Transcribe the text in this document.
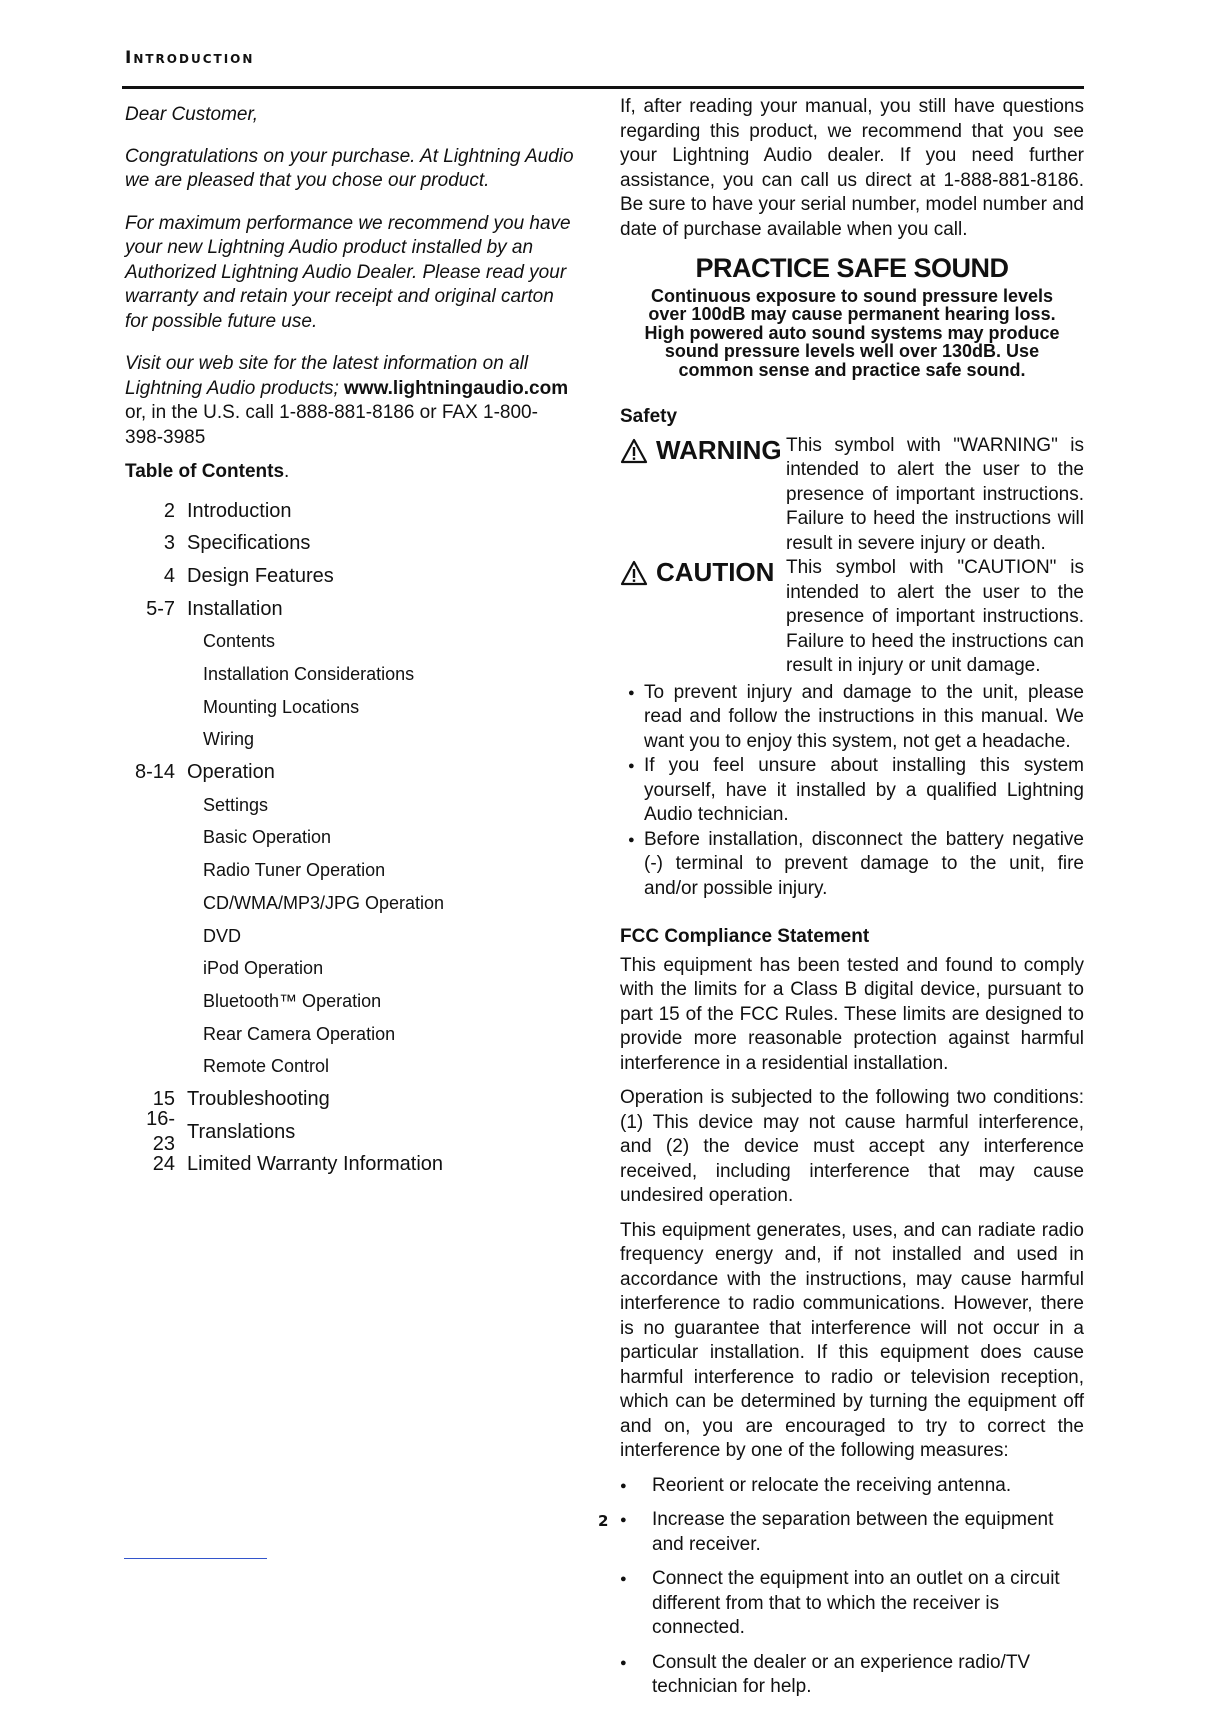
Introduction

Dear Customer,

Congratulations on your purchase. At Lightning Audio we are pleased that you chose our product.

For maximum performance we recommend you have your new Lightning Audio product installed by an Authorized Lightning Audio Dealer. Please read your warranty and retain your receipt and original carton for possible future use.

Visit our web site for the latest information on all Lightning Audio products; www.lightningaudio.com or, in the U.S. call 1-888-881-8186 or FAX 1-800-398-3985

Table of Contents.

2 Introduction
3 Specifications
4 Design Features
5-7 Installation
Contents
Installation Considerations
Mounting Locations
Wiring
8-14 Operation
Settings
Basic Operation
Radio Tuner Operation
CD/WMA/MP3/JPG Operation
DVD
iPod Operation
Bluetooth™ Operation
Rear Camera Operation
Remote Control
15 Troubleshooting
16-23
Translations
24 Limited Warranty Information

If, after reading your manual, you still have questions regarding this product, we recommend that you see your Lightning Audio dealer. If you need further assistance, you can call us direct at 1-888-881-8186. Be sure to have your serial number, model number and date of purchase available when you call.

PRACTICE SAFE SOUND
Continuous exposure to sound pressure levels over 100dB may cause permanent hearing loss. High powered auto sound systems may produce sound pressure levels well over 130dB. Use common sense and practice safe sound.
Safety
WARNING This symbol with "WARNING" is intended to alert the user to the presence of important instructions. Failure to heed the instructions will result in severe injury or death.
CAUTION This symbol with "CAUTION" is intended to alert the user to the presence of important instructions. Failure to heed the instructions can result in injury or unit damage.
● To prevent injury and damage to the unit, please read and follow the instructions in this manual. We want you to enjoy this system, not get a headache.
● If you feel unsure about installing this system yourself, have it installed by a qualified Lightning Audio technician.
● Before installation, disconnect the battery negative (-) terminal to prevent damage to the unit, fire and/or possible injury.
FCC Compliance Statement

This equipment has been tested and found to comply with the limits for a Class B digital device, pursuant to part 15 of the FCC Rules. These limits are designed to provide more reasonable protection against harmful interference in a residential installation.

Operation is subjected to the following two conditions: (1) This device may not cause harmful interference, and (2) the device must accept any interference received, including interference that may cause undesired operation.

This equipment generates, uses, and can radiate radio frequency energy and, if not installed and used in accordance with the instructions, may cause harmful interference to radio communications. However, there is no guarantee that interference will not occur in a particular installation. If this equipment does cause harmful interference to radio or television reception, which can be determined by turning the equipment off and on, you are encouraged to try to correct the interference by one of the following measures:

● Reorient or relocate the receiving antenna.
● Increase the separation between the equipment and receiver.
● Connect the equipment into an outlet on a circuit different from that to which the receiver is connected.
● Consult the dealer or an experience radio/TV technician for help.
2
